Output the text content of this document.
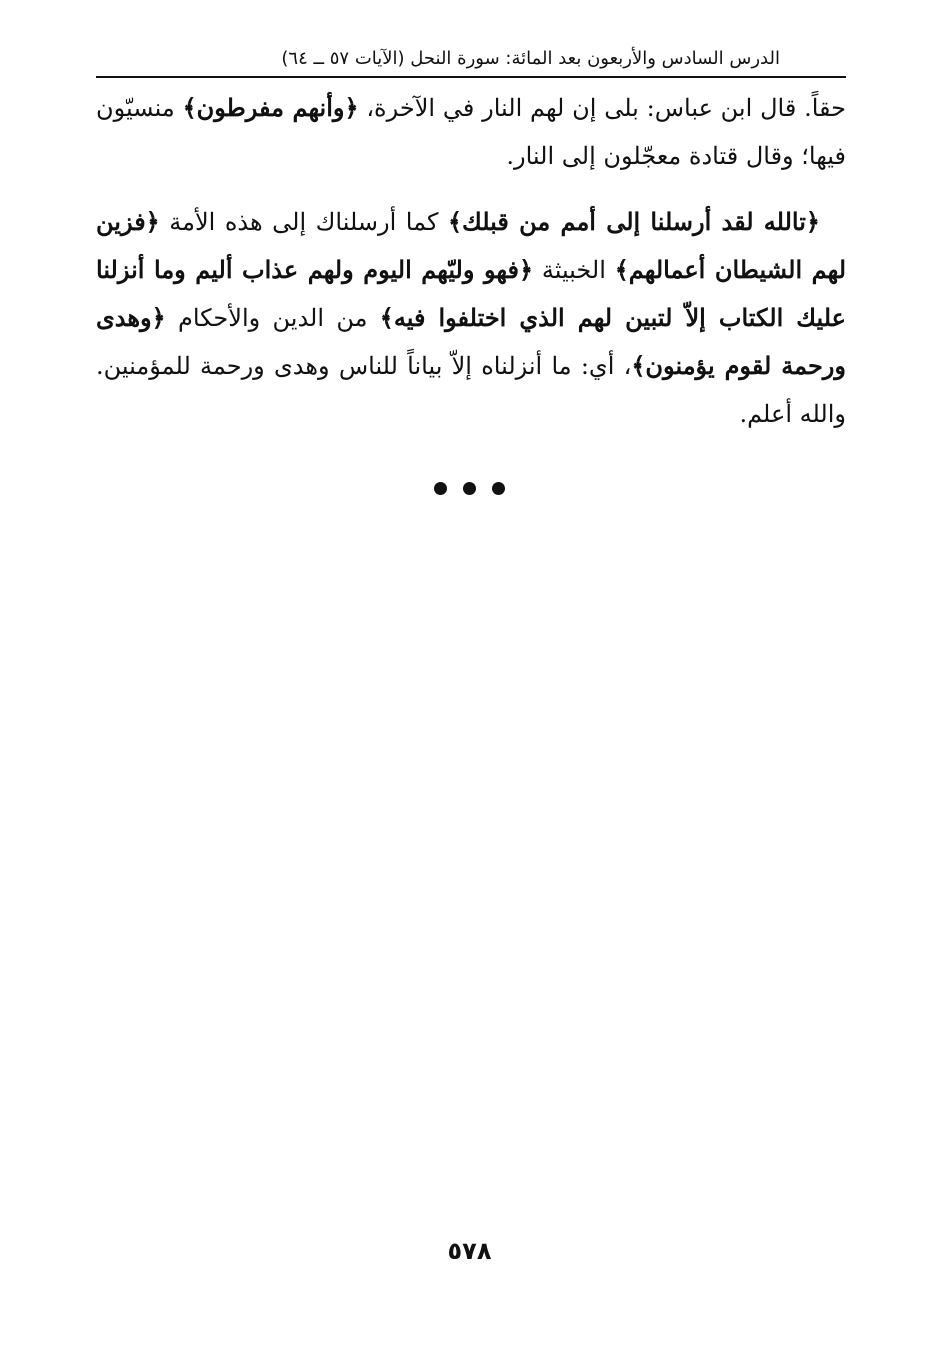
الدرس السادس والأربعون بعد المائة: سورة النحل (الآيات ٥٧ ــ ٦٤)

حقاً. قال ابن عباس: بلى إن لهم النار في الآخرة، ﴿وأنهم مفرطون﴾ منسيّون فيها؛ وقال قتادة معجّلون إلى النار.

﴿تالله لقد أرسلنا إلى أمم من قبلك﴾ كما أرسلناك إلى هذه الأمة ﴿فزين لهم الشيطان أعمالهم﴾ الخبيثة ﴿فهو وليّهم اليوم ولهم عذاب أليم وما أنزلنا عليك الكتاب إلاّ لتبين لهم الذي اختلفوا فيه﴾ من الدين والأحكام ﴿وهدى ورحمة لقوم يؤمنون﴾، أي: ما أنزلناه إلاّ بياناً للناس وهدى ورحمة للمؤمنين. والله أعلم.

٥٧٨
